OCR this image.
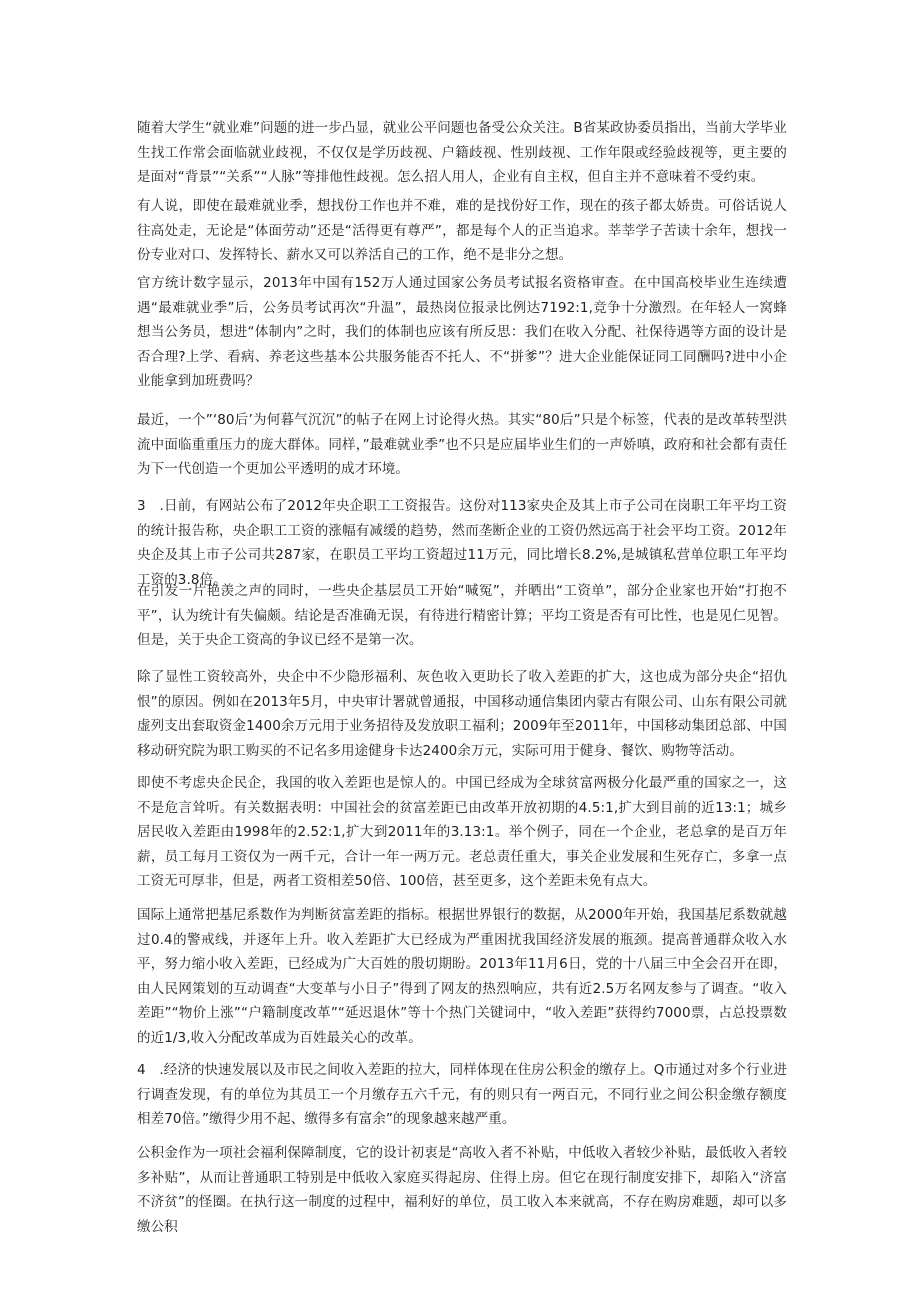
随着大学生“就业难”问题的进一步凸显，就业公平问题也备受公众关注。B省某政协委员指出，当前大学毕业生找工作常会面临就业歧视，不仅仅是学历歧视、户籍歧视、性别歧视、工作年限或经验歧视等，更主要的是面对“背景”“关系”“人脉”等排他性歧视。怎么招人用人，企业有自主权，但自主并不意味着不受约束。

有人说，即使在最难就业季，想找份工作也并不难，难的是找份好工作，现在的孩子都太娇贵。可俗话说人往高处走，无论是“体面劳动”还是“活得更有尊严”，都是每个人的正当追求。莘莘学子苦读十余年，想找一份专业对口、发挥特长、薪水又可以养活自己的工作，绝不是非分之想。

官方统计数字显示，2013年中国有152万人通过国家公务员考试报名资格审查。在中国高校毕业生连续遭遇“最难就业季”后，公务员考试再次“升温”，最热岗位报录比例达7192:1,竞争十分激烈。在年轻人一窝蜂想当公务员，想进“体制内”之时，我们的体制也应该有所反思：我们在收入分配、社保待遇等方面的设计是否合理?上学、看病、养老这些基本公共服务能否不托人、不“拼爹”？进大企业能保证同工同酬吗?进中小企业能拿到加班费吗？

最近，一个”‘80后’为何暮气沉沉”的帖子在网上讨论得火热。其实“80后”只是个标签，代表的是改革转型洪流中面临重重压力的庞大群体。同样，”最难就业季”也不只是应届毕业生们的一声娇嗔，政府和社会都有责任为下一代创造一个更加公平透明的成才环境。

3　.日前，有网站公布了2012年央企职工工资报告。这份对113家央企及其上市子公司在岗职工年平均工资的统计报告称，央企职工工资的涨幅有减缓的趋势，然而垄断企业的工资仍然远高于社会平均工资。2012年央企及其上市子公司共287家，在职员工平均工资超过11万元，同比增长8.2%,是城镇私营单位职工年平均工资的3.8倍。

在引发一片艳羡之声的同时，一些央企基层员工开始“喊冤”，并晒出“工资单”，部分企业家也开始“打抱不平”，认为统计有失偏颇。结论是否准确无误，有待进行精密计算；平均工资是否有可比性，也是见仁见智。但是，关于央企工资高的争议已经不是第一次。

除了显性工资较高外，央企中不少隐形福利、灰色收入更助长了收入差距的扩大，这也成为部分央企“招仇恨”的原因。例如在2013年5月，中央审计署就曾通报，中国移动通信集团内蒙古有限公司、山东有限公司就虚列支出套取资金1400余万元用于业务招待及发放职工福利；2009年至2011年，中国移动集团总部、中国移动研究院为职工购买的不记名多用途健身卡达2400余万元，实际可用于健身、餐饮、购物等活动。

即使不考虑央企民企，我国的收入差距也是惊人的。中国已经成为全球贫富两极分化最严重的国家之一，这不是危言耸听。有关数据表明：中国社会的贫富差距已由改革开放初期的4.5:1,扩大到目前的近13:1；城乡居民收入差距由1998年的2.52:1,扩大到2011年的3.13:1。举个例子，同在一个企业，老总拿的是百万年薪，员工每月工资仅为一两千元，合计一年一两万元。老总责任重大，事关企业发展和生死存亡，多拿一点工资无可厚非，但是，两者工资相差50倍、100倍，甚至更多，这个差距未免有点大。

国际上通常把基尼系数作为判断贫富差距的指标。根据世界银行的数据，从2000年开始，我国基尼系数就越过0.4的警戒线，并逐年上升。收入差距扩大已经成为严重困扰我国经济发展的瓶颈。提高普通群众收入水平，努力缩小收入差距，已经成为广大百姓的殷切期盼。2013年11月6日，党的十八届三中全会召开在即，由人民网策划的互动调查“大变革与小日子”得到了网友的热烈响应，共有近2.5万名网友参与了调查。“收入差距”“物价上涨”“户籍制度改革”“延迟退休”等十个热门关键词中，“收入差距”获得约7000票，占总投票数的近1/3,收入分配改革成为百姓最关心的改革。

4　.经济的快速发展以及市民之间收入差距的拉大，同样体现在住房公积金的缴存上。Q市通过对多个行业进行调查发现，有的单位为其员工一个月缴存五六千元，有的则只有一两百元，不同行业之间公积金缴存额度相差70倍。”缴得少用不起、缴得多有富余”的现象越来越严重。

公积金作为一项社会福利保障制度，它的设计初衷是“高收入者不补贴，中低收入者较少补贴，最低收入者较多补贴”，从而让普通职工特别是中低收入家庭买得起房、住得上房。但它在现行制度安排下，却陷入“济富不济贫”的怪圈。在执行这一制度的过程中，福利好的单位，员工收入本来就高，不存在购房难题，却可以多缴公积
